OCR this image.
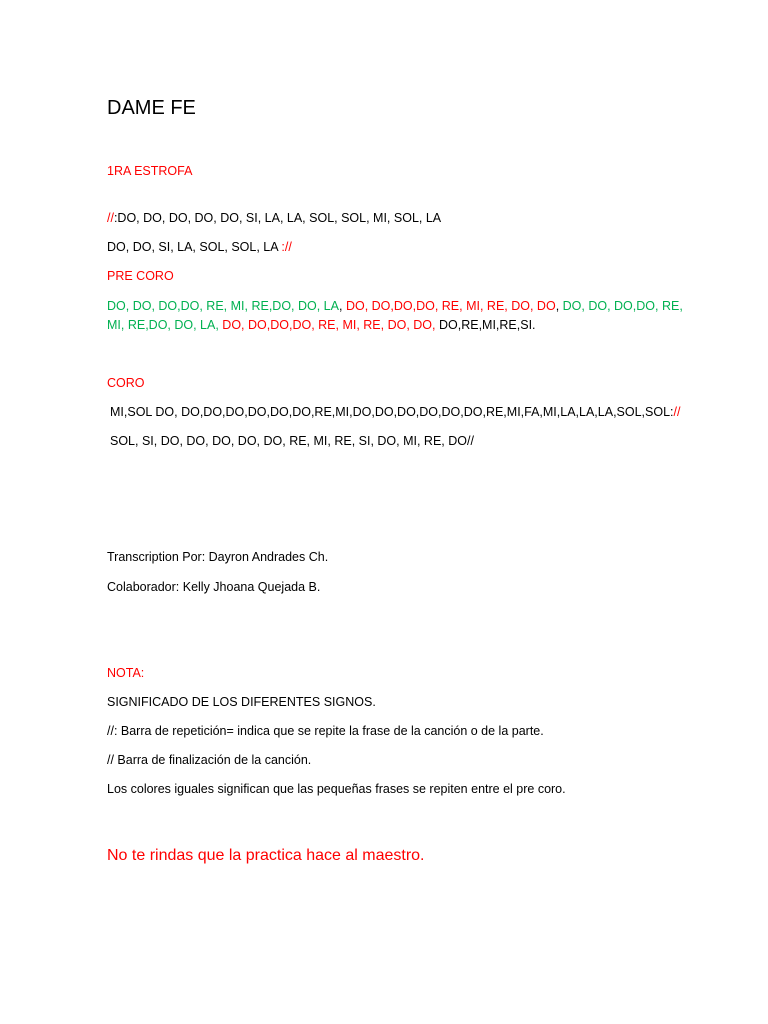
DAME FE
1RA ESTROFA
//:DO, DO, DO, DO, DO, SI, LA, LA, SOL, SOL, MI, SOL, LA
DO, DO, SI, LA, SOL, SOL, LA ://
PRE CORO
DO, DO, DO,DO, RE, MI, RE,DO, DO, LA, DO, DO,DO,DO, RE, MI, RE, DO, DO, DO, DO, DO,DO, RE,
MI, RE,DO, DO, LA, DO, DO,DO,DO, RE, MI, RE, DO, DO, DO,RE,MI,RE,SI.
CORO
MI,SOL DO, DO,DO,DO,DO,DO,DO,RE,MI,DO,DO,DO,DO,DO,DO,RE,MI,FA,MI,LA,LA,LA,SOL,SOL://
SOL, SI, DO, DO, DO, DO, DO, RE, MI, RE, SI, DO, MI, RE, DO//
Transcription Por: Dayron Andrades Ch.
Colaborador: Kelly Jhoana Quejada B.
NOTA:
SIGNIFICADO DE LOS DIFERENTES SIGNOS.
//: Barra de repetición= indica que se repite la frase de la canción o de la parte.
// Barra de finalización de la canción.
Los colores iguales significan que las pequeñas frases se repiten entre el pre coro.
No te rindas que la practica hace al maestro.
